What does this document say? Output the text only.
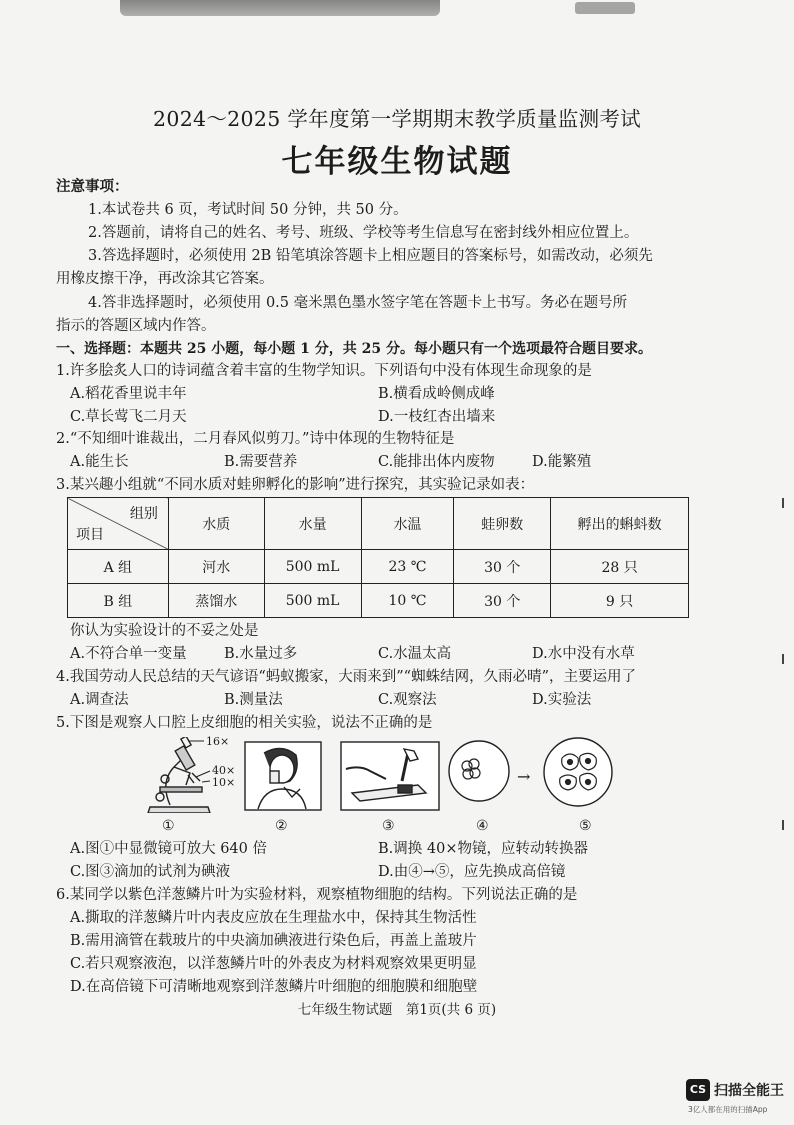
2024～2025 学年度第一学期期末教学质量监测考试
七年级生物试题
注意事项：
1.本试卷共 6 页，考试时间 50 分钟，共 50 分。
2.答题前，请将自己的姓名、考号、班级、学校等考生信息写在密封线外相应位置上。
3.答选择题时，必须使用 2B 铅笔填涂答题卡上相应题目的答案标号，如需改动，必须先
用橡皮擦干净，再改涂其它答案。
4.答非选择题时，必须使用 0.5 毫米黑色墨水签字笔在答题卡上书写。务必在题号所
指示的答题区域内作答。
一、选择题：本题共 25 小题，每小题 1 分，共 25 分。每小题只有一个选项最符合题目要求。
1.许多脍炙人口的诗词蕴含着丰富的生物学知识。下列语句中没有体现生命现象的是
A.稻花香里说丰年	B.横看成岭侧成峰
C.草长莺飞二月天	D.一枝红杏出墙来
2.“不知细叶谁裁出，二月春风似剪刀。”诗中体现的生物特征是
A.能生长	B.需要营养	C.能排出体内废物	D.能繁殖
3.某兴趣小组就“不同水质对蛙卵孵化的影响”进行探究，其实验记录如表：
组别
项目	水质	水量	水温	蛙卵数	孵出的蝌蚪数
A 组	河水	500 mL	23 ℃	30 个	28 只
B 组	蒸馏水	500 mL	10 ℃	30 个	9 只
你认为实验设计的不妥之处是
A.不符合单一变量	B.水量过多	C.水温太高	D.水中没有水草
4.我国劳动人民总结的天气谚语“蚂蚁搬家，大雨来到”“蜘蛛结网，久雨必晴”，主要运用了
A.调查法	B.测量法	C.观察法	D.实验法
5.下图是观察人口腔上皮细胞的相关实验，说法不正确的是
16×
40×
10×	→
①	②	③	④	⑤
A.图①中显微镜可放大 640 倍	B.调换 40×物镜，应转动转换器
C.图③滴加的试剂为碘液	D.由④→⑤，应先换成高倍镜
6.某同学以紫色洋葱鳞片叶为实验材料，观察植物细胞的结构。下列说法正确的是
A.撕取的洋葱鳞片叶内表皮应放在生理盐水中，保持其生物活性
B.需用滴管在载玻片的中央滴加碘液进行染色后，再盖上盖玻片
C.若只观察液泡，以洋葱鳞片叶的外表皮为材料观察效果更明显
D.在高倍镜下可清晰地观察到洋葱鳞片叶细胞的细胞膜和细胞壁
七年级生物试题　第1页(共 6 页)
CS 扫描全能王
3亿人都在用的扫描App
